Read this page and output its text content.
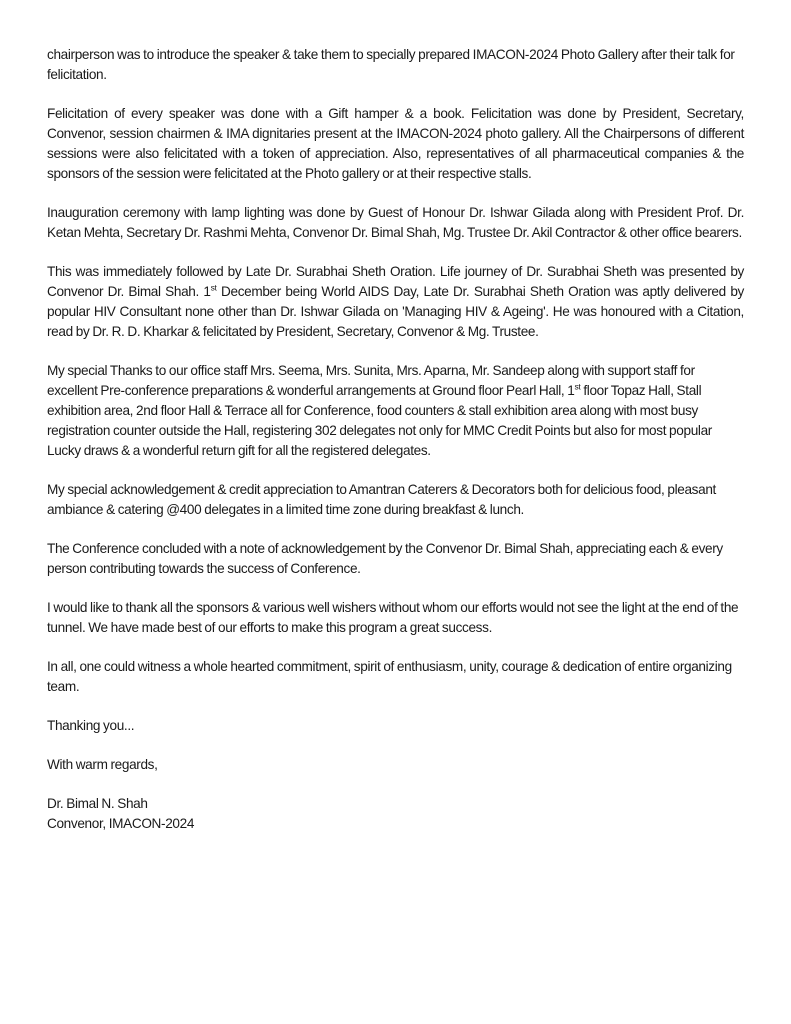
chairperson was to introduce the speaker & take them to specially prepared IMACON-2024 Photo Gallery after their talk for felicitation.

Felicitation of every speaker was done with a Gift hamper & a book. Felicitation was done by President, Secretary, Convenor, session chairmen & IMA dignitaries present at the IMACON-2024 photo gallery. All the Chairpersons of different sessions were also felicitated with a token of appreciation. Also, representatives of all pharmaceutical companies & the sponsors of the session were felicitated at the Photo gallery or at their respective stalls.

Inauguration ceremony with lamp lighting was done by Guest of Honour Dr. Ishwar Gilada along with President Prof. Dr. Ketan Mehta, Secretary Dr. Rashmi Mehta, Convenor Dr. Bimal Shah, Mg. Trustee Dr. Akil Contractor & other office bearers.

This was immediately followed by Late Dr. Surabhai Sheth Oration. Life journey of Dr. Surabhai Sheth was presented by Convenor Dr. Bimal Shah. 1st December being World AIDS Day, Late Dr. Surabhai Sheth Oration was aptly delivered by popular HIV Consultant none other than Dr. Ishwar Gilada on 'Managing HIV & Ageing'. He was honoured with a Citation, read by Dr. R. D. Kharkar & felicitated by President, Secretary, Convenor & Mg. Trustee.

My special Thanks to our office staff Mrs. Seema, Mrs. Sunita, Mrs. Aparna, Mr. Sandeep along with support staff for excellent Pre-conference preparations & wonderful arrangements at Ground floor Pearl Hall, 1st floor Topaz Hall, Stall exhibition area, 2nd floor Hall & Terrace all for Conference, food counters & stall exhibition area along with most busy registration counter outside the Hall, registering 302 delegates not only for MMC Credit Points but also for most popular Lucky draws & a wonderful return gift for all the registered delegates.

My special acknowledgement & credit appreciation to Amantran Caterers & Decorators both for delicious food, pleasant ambiance & catering @400 delegates in a limited time zone during breakfast & lunch.

The Conference concluded with a note of acknowledgement by the Convenor Dr. Bimal Shah, appreciating each & every person contributing towards the success of Conference.

I would like to thank all the sponsors & various well wishers without whom our efforts would not see the light at the end of the tunnel. We have made best of our efforts to make this program a great success.

In all, one could witness a whole hearted commitment, spirit of enthusiasm, unity, courage & dedication of entire organizing team.

Thanking you...

With warm regards,

Dr. Bimal N. Shah

Convenor, IMACON-2024
